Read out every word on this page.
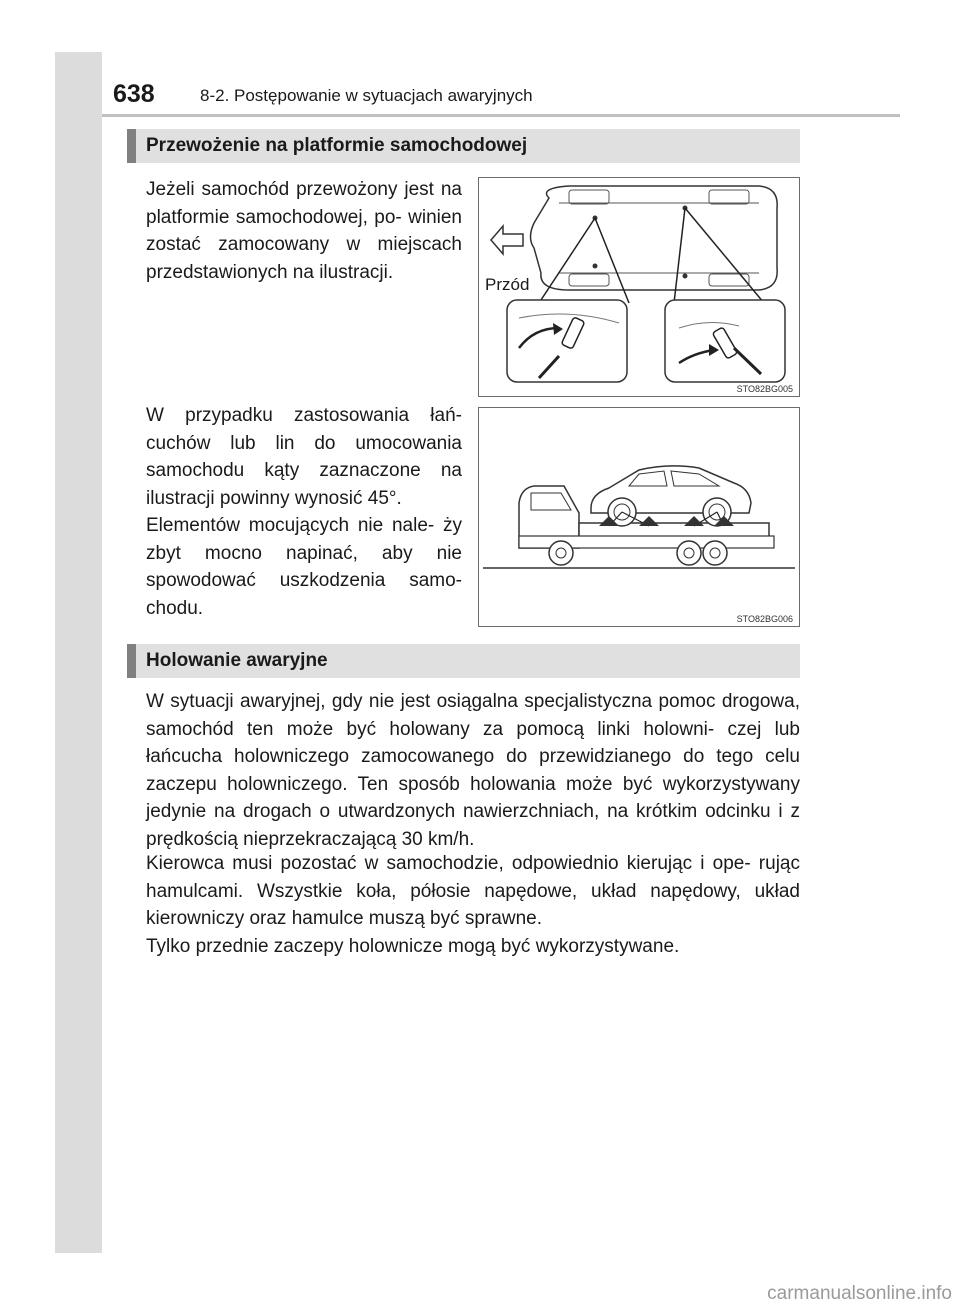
638	8-2. Postępowanie w sytuacjach awaryjnych
Przewożenie na platformie samochodowej

Jeżeli samochód przewożony jest na platformie samochodowej, po- winien zostać zamocowany w miejscach przedstawionych na ilustracji.

W przypadku zastosowania łań- cuchów lub lin do umocowania samochodu kąty zaznaczone na ilustracji powinny wynosić 45°.

Elementów mocujących nie nale- ży zbyt mocno napinać, aby nie spowodować uszkodzenia samo- chodu.

Przód
STO82BG005
STO82BG006
Holowanie awaryjne

W sytuacji awaryjnej, gdy nie jest osiągalna specjalistyczna pomoc drogowa, samochód ten może być holowany za pomocą linki holowni- czej lub łańcucha holowniczego zamocowanego do przewidzianego do tego celu zaczepu holowniczego. Ten sposób holowania może być wykorzystywany jedynie na drogach o utwardzonych nawierzchniach, na krótkim odcinku i z prędkością nieprzekraczającą 30 km/h.

Kierowca musi pozostać w samochodzie, odpowiednio kierując i ope- rując hamulcami. Wszystkie koła, półosie napędowe, układ napędowy, układ kierowniczy oraz hamulce muszą być sprawne.

Tylko przednie zaczepy holownicze mogą być wykorzystywane.

carmanualsonline.info
